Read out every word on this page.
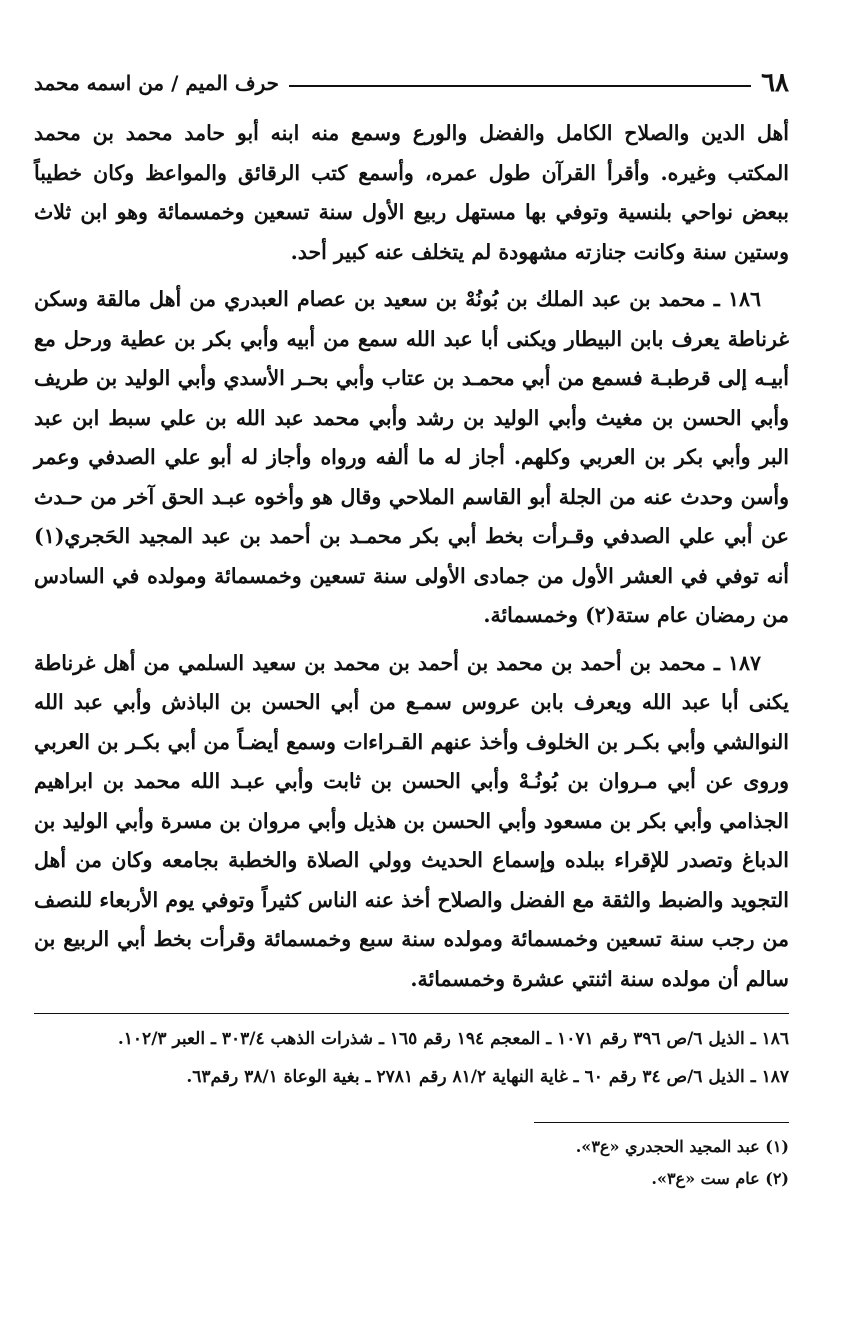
٦٨
حرف الميم / من اسمه محمد

أهل الدين والصلاح الكامل والفضل والورع وسمع منه ابنه أبو حامد محمد بن محمد المكتب وغيره. وأقرأ القرآن طول عمره، وأسمع كتب الرقائق والمواعظ وكان خطيباً ببعض نواحي بلنسية وتوفي بها مستهل ربيع الأول سنة تسعين وخمسمائة وهو ابن ثلاث وستين سنة وكانت جنازته مشهودة لم يتخلف عنه كبير أحد.

١٨٦ ـ محمد بن عبد الملك بن بُونُهْ بن سعيد بن عصام العبدري من أهل مالقة وسكن غرناطة يعرف بابن البيطار ويكنى أبا عبد الله سمع من أبيه وأبي بكر بن عطية ورحل مع أبيـه إلى قرطبـة فسمع من أبي محمـد بن عتاب وأبي بحـر الأسدي وأبي الوليد بن طريف وأبي الحسن بن مغيث وأبي الوليد بن رشد وأبي محمد عبد الله بن علي سبط ابن عبد البر وأبي بكر بن العربي وكلهم. أجاز له ما ألفه ورواه وأجاز له أبو علي الصدفي وعمر وأسن وحدث عنه من الجلة أبو القاسم الملاحي وقال هو وأخوه عبـد الحق آخر من حـدث عن أبي علي الصدفي وقـرأت بخط أبي بكر محمـد بن أحمد بن عبد المجيد الحَجري(١) أنه توفي في العشر الأول من جمادى الأولى سنة تسعين وخمسمائة ومولده في السادس من رمضان عام ستة(٢) وخمسمائة.

١٨٧ ـ محمد بن أحمد بن محمد بن أحمد بن محمد بن سعيد السلمي من أهل غرناطة يكنى أبا عبد الله ويعرف بابن عروس سمـع من أبي الحسن بن الباذش وأبي عبد الله النوالشي وأبي بكـر بن الخلوف وأخذ عنهم القـراءات وسمع أيضـاً من أبي بكـر بن العربي وروى عن أبي مـروان بن بُونُـهْ وأبي الحسن بن ثابت وأبي عبـد الله محمد بن ابراهيم الجذامي وأبي بكر بن مسعود وأبي الحسن بن هذيل وأبي مروان بن مسرة وأبي الوليد بن الدباغ وتصدر للإقراء ببلده وإسماع الحديث وولي الصلاة والخطبة بجامعه وكان من أهل التجويد والضبط والثقة مع الفضل والصلاح أخذ عنه الناس كثيراً وتوفي يوم الأربعاء للنصف من رجب سنة تسعين وخمسمائة ومولده سنة سبع وخمسمائة وقرأت بخط أبي الربيع بن سالم أن مولده سنة اثنتي عشرة وخمسمائة.

١٨٦ ـ الذيل ٦/ص ٣٩٦ رقم ١٠٧١ ـ المعجم ١٩٤ رقم ١٦٥ ـ شذرات الذهب ٣٠٣/٤ ـ العبر ١٠٢/٣.

١٨٧ ـ الذيل ٦/ص ٣٤ رقم ٦٠ ـ غاية النهاية ٨١/٢ رقم ٢٧٨١ ـ بغية الوعاة ٣٨/١ رقم٦٣.

(١) عبد المجيد الحجدري «ع٣».

(٢) عام ست «ع٣».
